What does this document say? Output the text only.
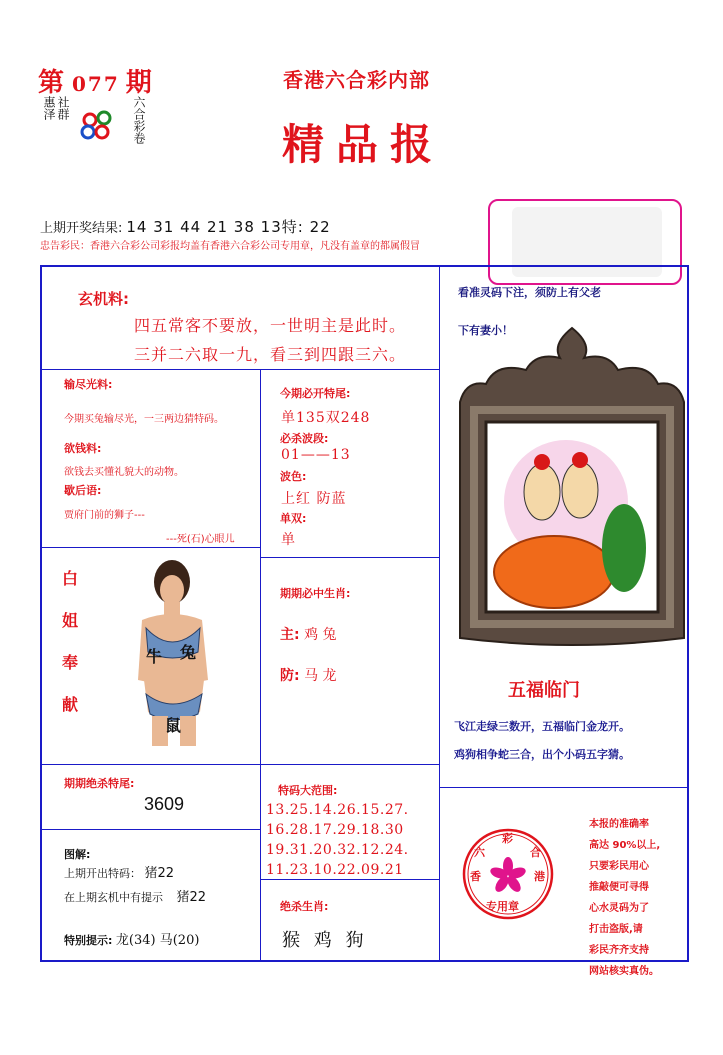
第 077 期
惠泽 社群	六合彩卷
香港六合彩内部
精品报
上期开奖结果: 14 31 44 21 38 13特: 22
忠告彩民：香港六合彩公司彩报均盖有香港六合彩公司专用章，凡没有盖章的都属假冒
玄机料:
四五常客不要放，一世明主是此时。
三并二六取一九，看三到四跟三六。
看准灵码下注，须防上有父老
下有妻小！
输尽光料:
今期买兔输尽光，一三两边猜特码。
欲钱料:
欲钱去买懂礼貌大的动物。
歇后语:
贾府门前的狮子---
---死(石)心眼儿
今期必开特尾:
单135双248
必杀波段:
01——13
波色:
上红 防蓝
单双:
单
白姐奉献
牛 兔
鼠
期期必中生肖:
主: 鸡 兔
防: 马 龙
五福临门
飞江走绿三数开，五福临门金龙开。
鸡狗相争蛇三合，出个小码五字猜。
期期绝杀特尾:
3609
图解:
上期开出特码： 猪22
在上期玄机中有提示 猪22
特别提示: 龙(34) 马(20)
特码大范围:
13.25.14.26.15.27.
16.28.17.29.18.30
19.31.20.32.12.24.
11.23.10.22.09.21
绝杀生肖:
猴 鸡 狗
彩
六	合
香	港
专用章
本报的准确率
高达 90%以上,
只要彩民用心
推敲便可寻得
心水灵码为了
打击盗版,请
彩民齐齐支持
网站核实真伪。
